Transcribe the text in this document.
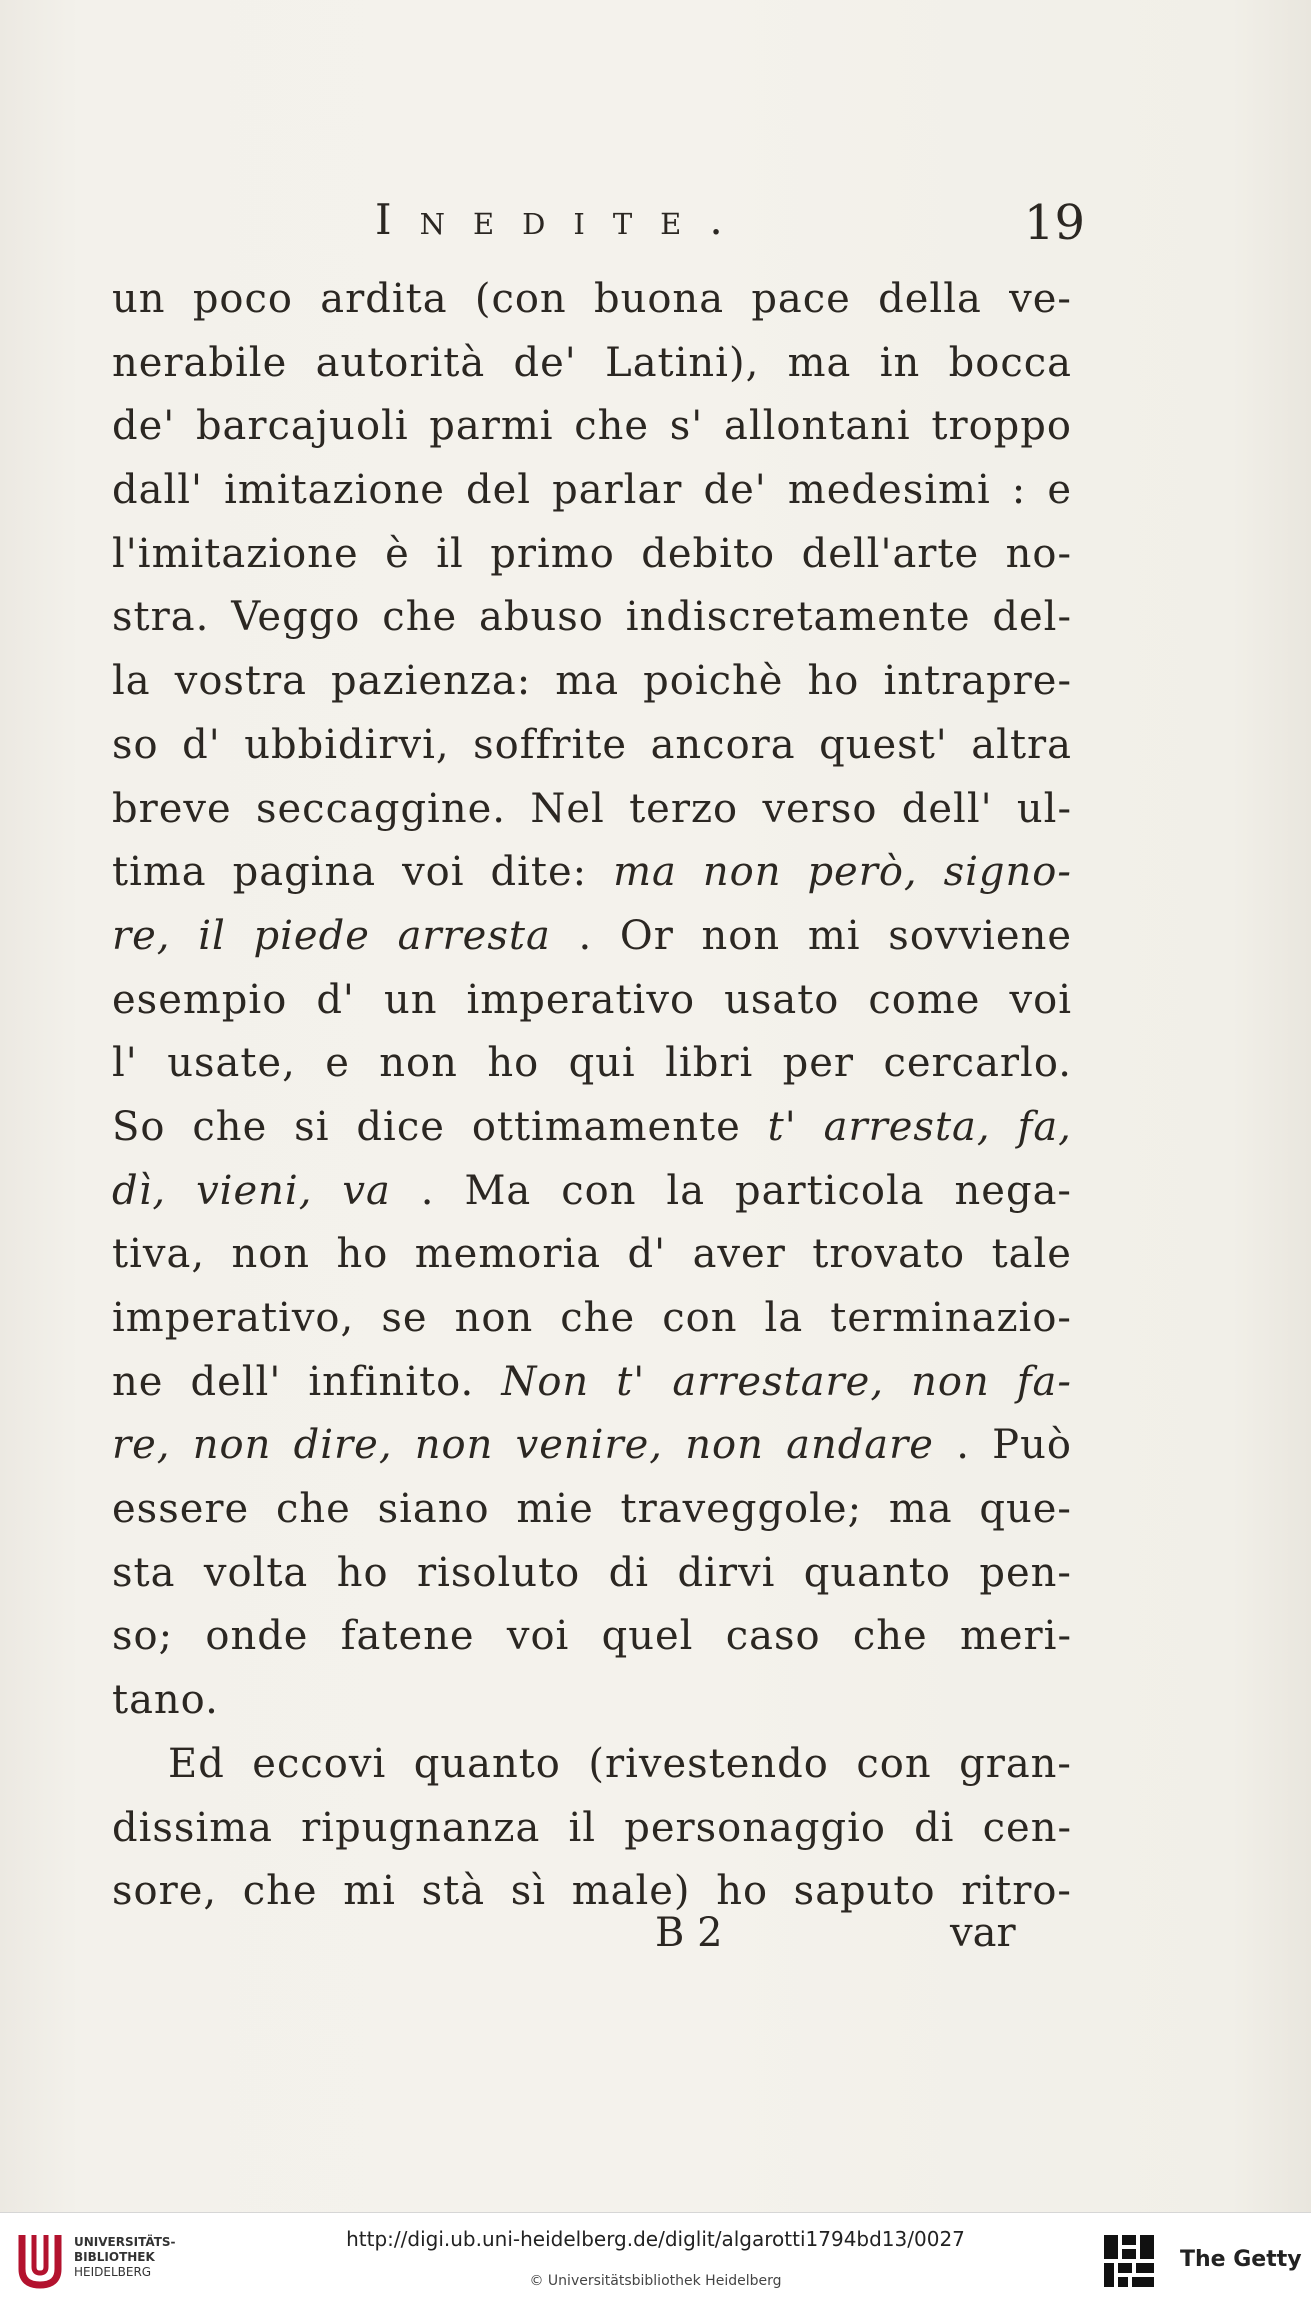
Inedite.	19
un poco ardita (con buona pace della ve-
nerabile autorità de' Latini), ma in bocca
de' barcajuoli parmi che s' allontani troppo
dall' imitazione del parlar de' medesimi : e
l'imitazione è il primo debito dell'arte no-
stra. Veggo che abuso indiscretamente del-
la vostra pazienza: ma poichè ho intrapre-
so d' ubbidirvi, soffrite ancora quest' altra
breve seccaggine. Nel terzo verso dell' ul-
tima pagina voi dite: ma non però, signo-
re, il piede arresta . Or non mi sovviene
esempio d' un imperativo usato come voi
l' usate, e non ho qui libri per cercarlo.
So che si dice ottimamente t' arresta, fa,
dì, vieni, va . Ma con la particola nega-
tiva, non ho memoria d' aver trovato tale
imperativo, se non che con la terminazio-
ne dell' infinito. Non t' arrestare, non fa-
re, non dire, non venire, non andare . Può
essere che siano mie traveggole; ma que-
sta volta ho risoluto di dirvi quanto pen-
so; onde fatene voi quel caso che meri-
tano.
Ed eccovi quanto (rivestendo con gran-
dissima ripugnanza il personaggio di cen-
sore, che mi stà sì male) ho saputo ritro-
B 2	var
UNIVERSITÄTS-
BIBLIOTHEK
HEIDELBERG
http://digi.ub.uni-heidelberg.de/diglit/algarotti1794bd13/0027
© Universitätsbibliothek Heidelberg
The Getty
